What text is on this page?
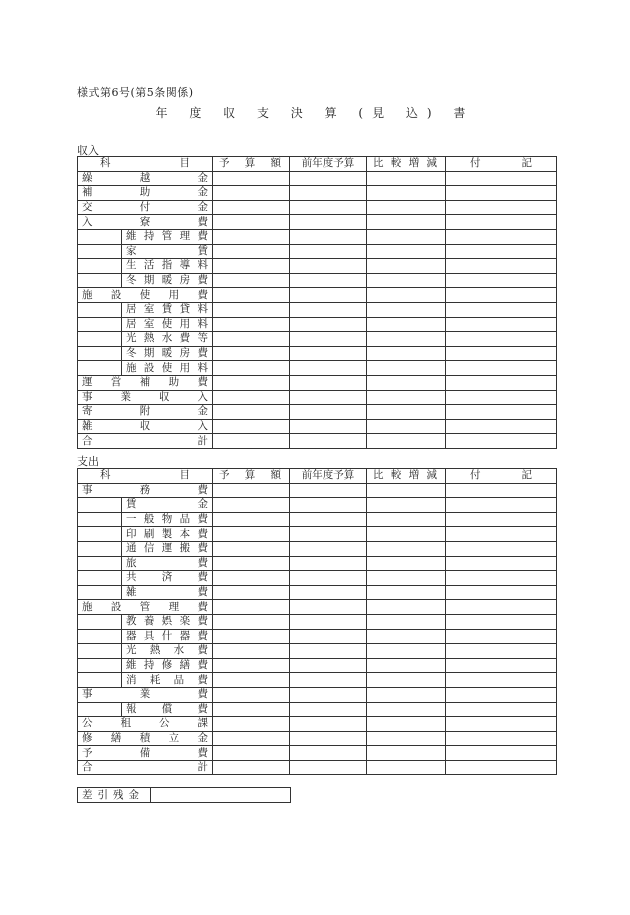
様式第6号(第5条関係)
年 度 収 支 決 算 (見 込) 書
収入
科 目		予 算 額	前年度予算	比 較 増 減	付 記

繰 越 金					

補 助 金					

交 付 金					

入 寮 費					

	維 持 管 理 費				

	家 賃				

	生 活 指 導 料				

	冬 期 暖 房 費				

施 設 使 用 費					

	居 室 賃 貸 料				

	居 室 使 用 料				

	光 熱 水 費 等				

	冬 期 暖 房 費				

	施 設 使 用 料				

運 営 補 助 費					

事 業 収 入					

寄 附 金					

雑 収 入					

合 計					

支出
科 目		予 算 額	前年度予算	比 較 増 減	付 記

事 務 費					

	賃 金				

	一 般 物 品 費				

	印 刷 製 本 費				

	通 信 運 搬 費				

	旅 費				

	共 済 費				

	雑 費				

施 設 管 理 費					

	教 養 娯 楽 費				

	器 具 什 器 費				

	光 熱 水 費				

	維 持 修 繕 費				

	消 耗 品 費				

事 業 費					

	報 償 費				

公 租 公 課					

修 繕 積 立 金					

予 備 費					

合 計					

差引残金
